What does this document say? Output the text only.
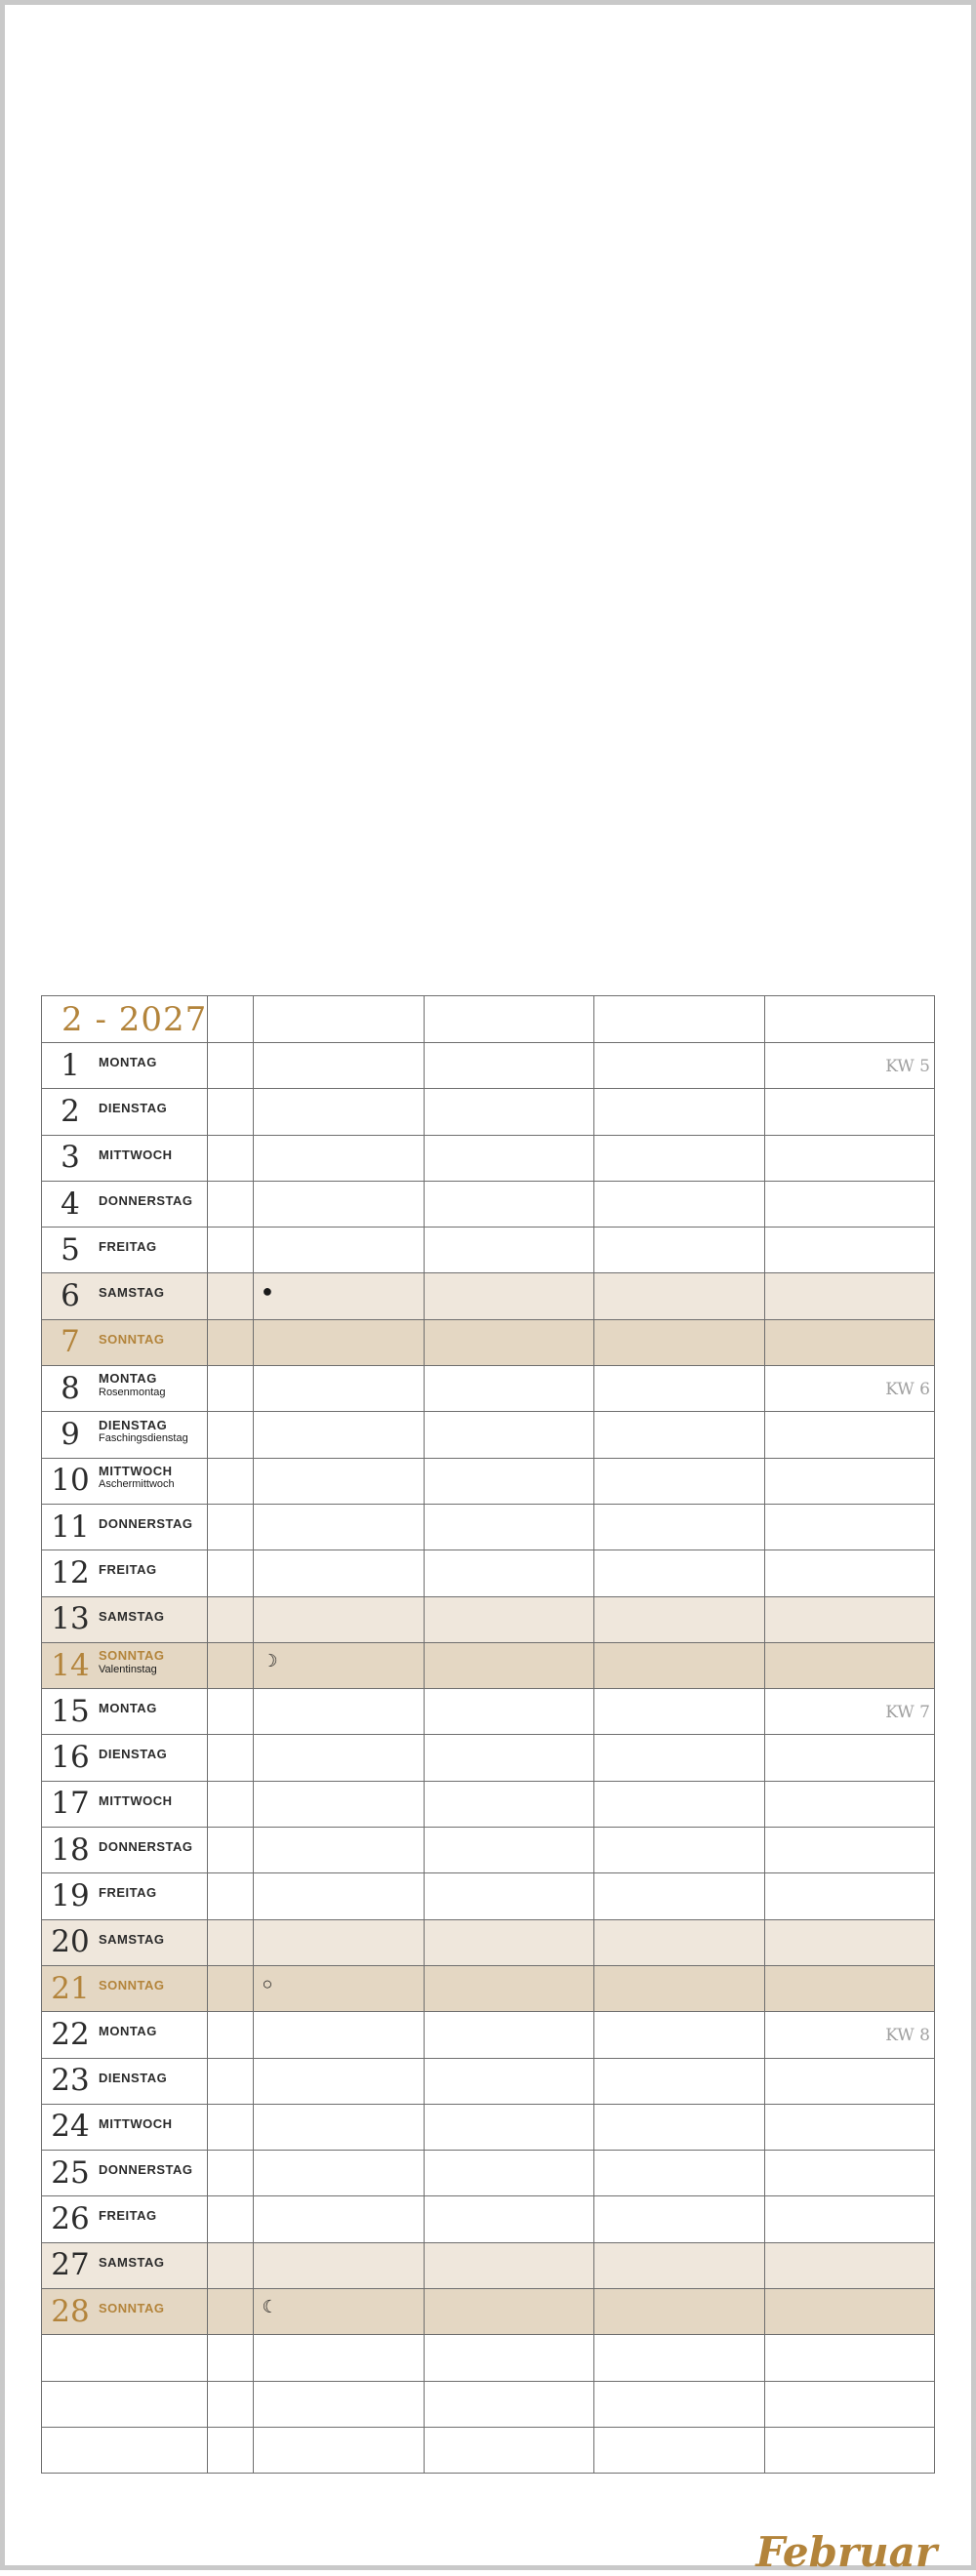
2 - 2027					

1 MONTAG					KW 5

2 DIENSTAG					

3 MITTWOCH					

4 DONNERSTAG					

5 FREITAG					

6 SAMSTAG		●			

7 SONNTAG					

8 MONTAG
Rosenmontag					KW 6

9 DIENSTAG
Faschingsdienstag					

10 MITTWOCH
Aschermittwoch					

11 DONNERSTAG					

12 FREITAG					

13 SAMSTAG					

14 SONNTAG
Valentinstag		☽			

15 MONTAG					KW 7

16 DIENSTAG					

17 MITTWOCH					

18 DONNERSTAG					

19 FREITAG					

20 SAMSTAG					

21 SONNTAG		○			

22 MONTAG					KW 8

23 DIENSTAG					

24 MITTWOCH					

25 DONNERSTAG					

26 FREITAG					

27 SAMSTAG					

28 SONNTAG		☾			

Februar
